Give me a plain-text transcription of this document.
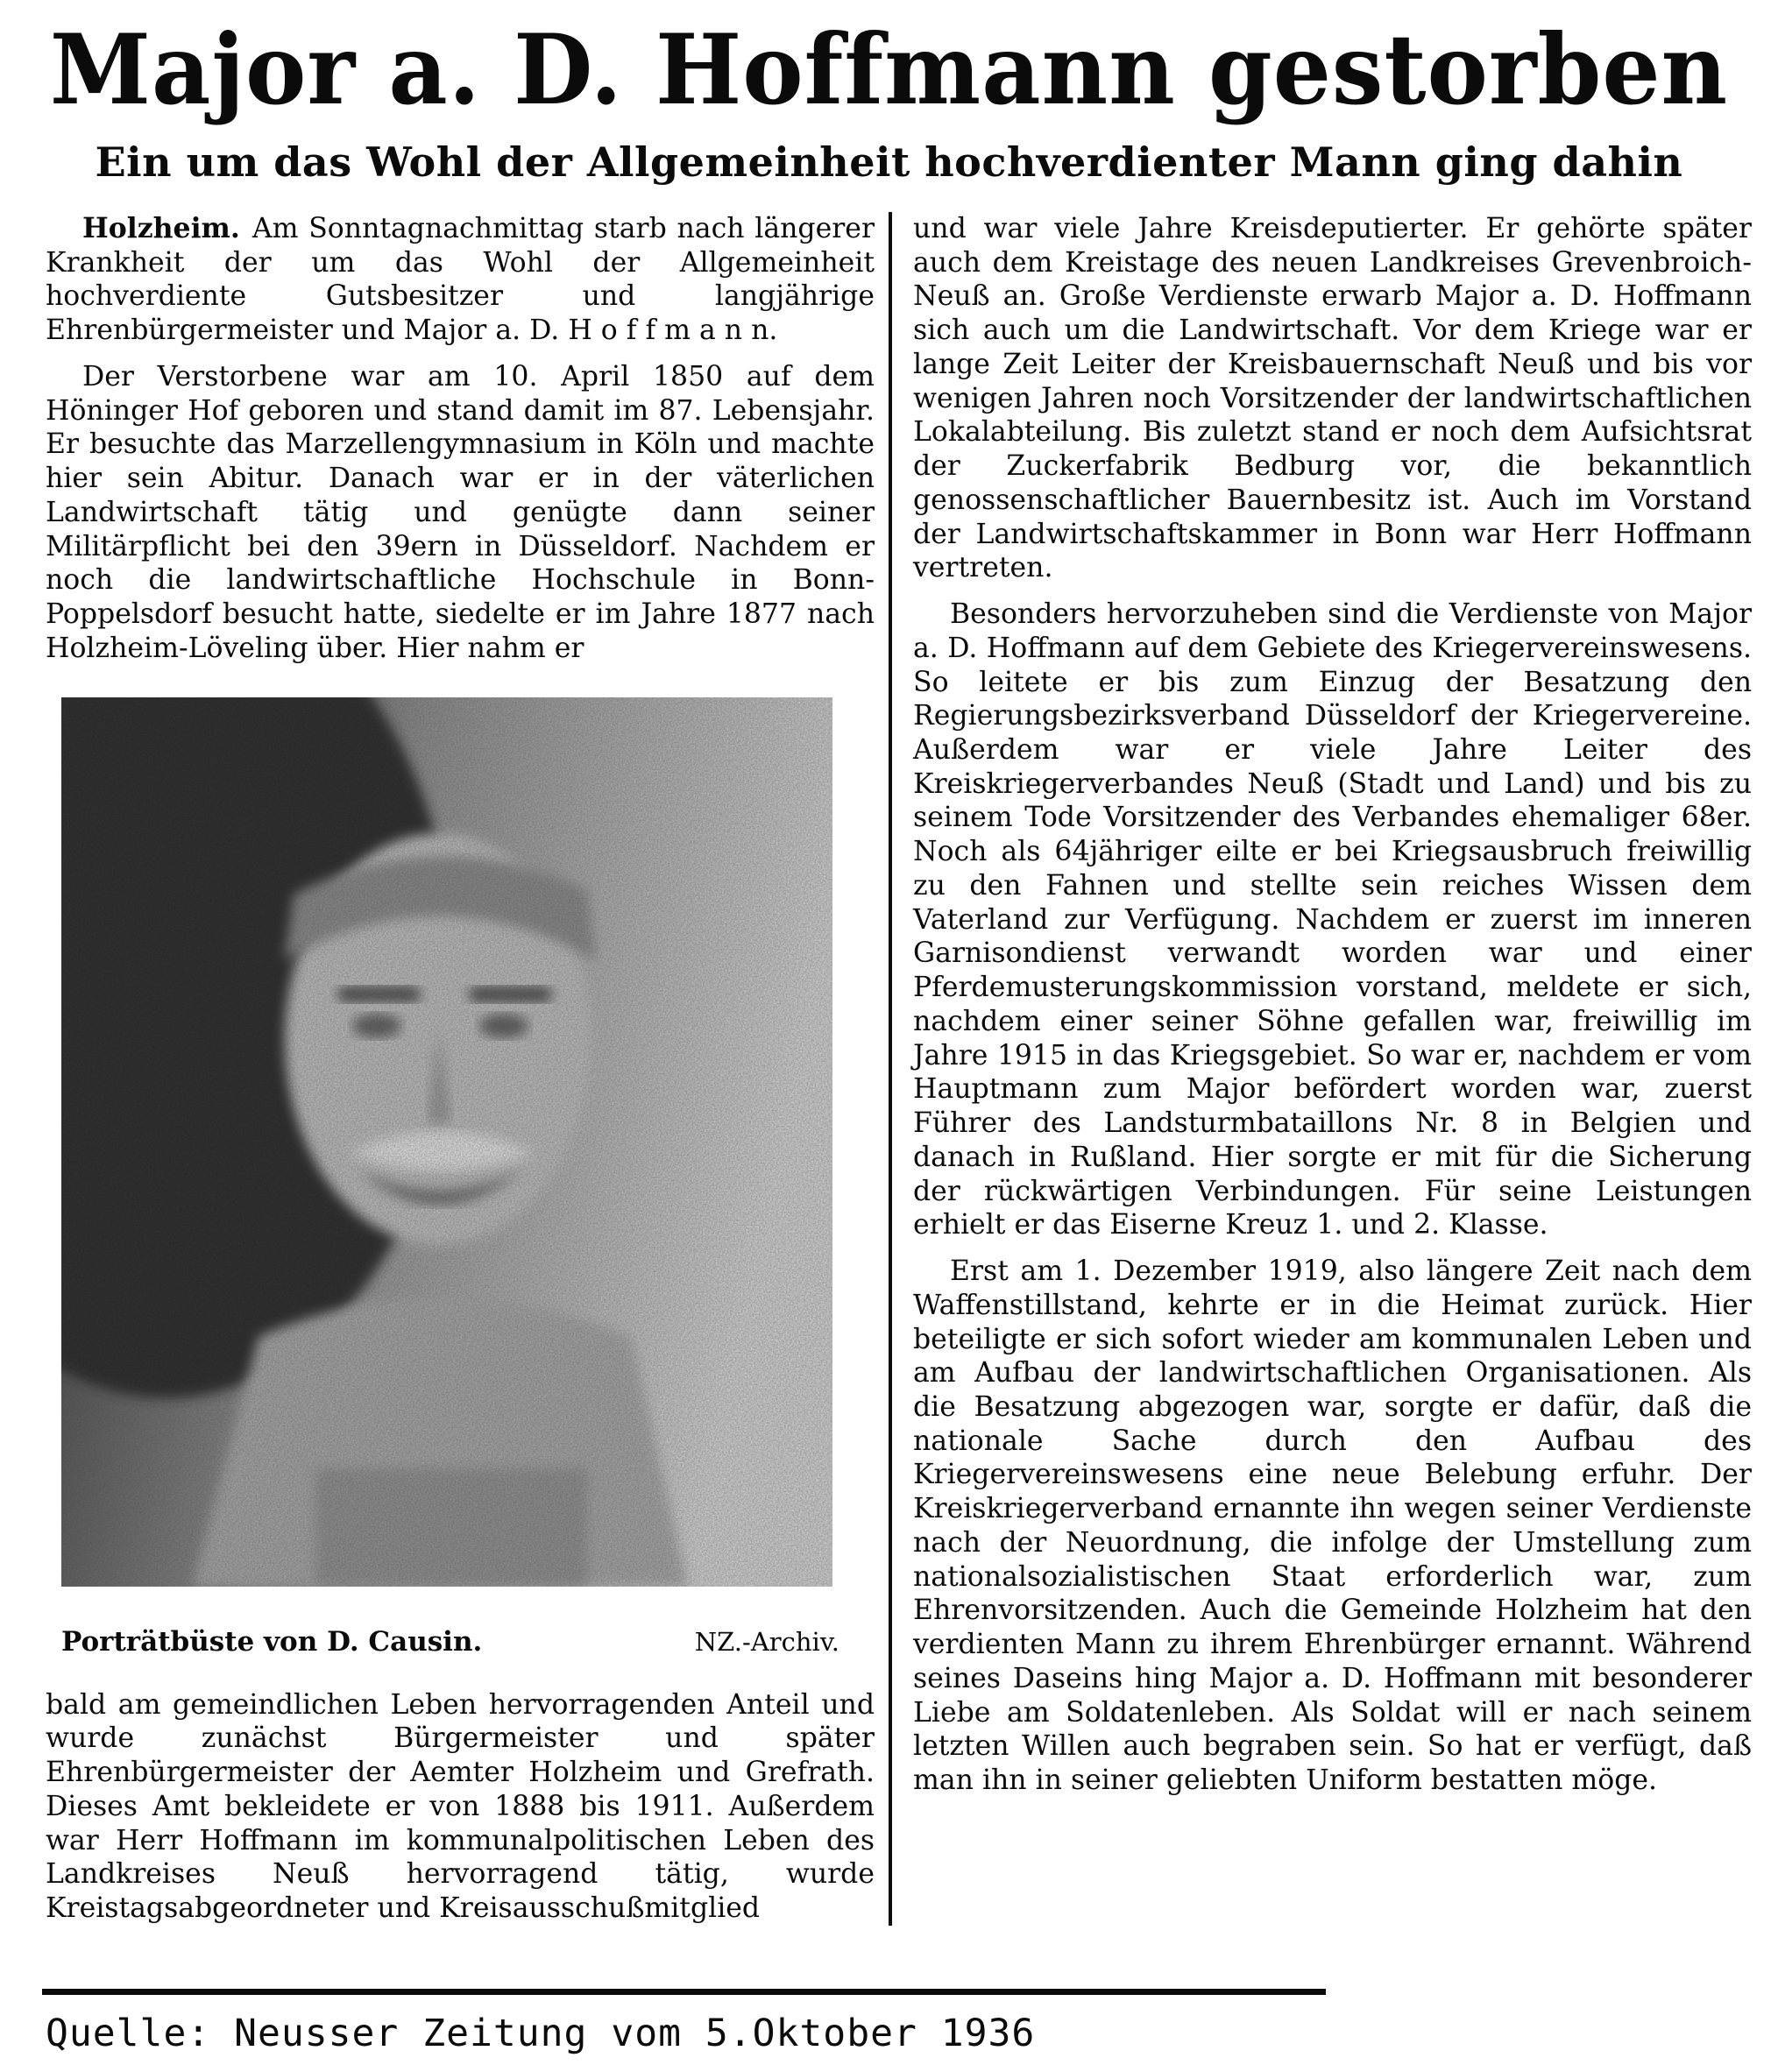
Major a. D. Hoffmann gestorben
Ein um das Wohl der Allgemeinheit hochverdienter Mann ging dahin

Holzheim. Am Sonntagnachmittag starb nach längerer Krankheit der um das Wohl der Allgemeinheit hochverdiente Gutsbesitzer und langjährige Ehrenbürgermeister und Major a. D. H o f f m a n n.

Der Verstorbene war am 10. April 1850 auf dem Höninger Hof geboren und stand damit im 87. Lebensjahr. Er besuchte das Marzellengymnasium in Köln und machte hier sein Abitur. Danach war er in der väterlichen Landwirtschaft tätig und genügte dann seiner Militärpflicht bei den 39ern in Düsseldorf. Nachdem er noch die landwirtschaftliche Hochschule in Bonn-Poppelsdorf besucht hatte, siedelte er im Jahre 1877 nach Holzheim-Löveling über. Hier nahm er

Porträtbüste von D. Causin.	NZ.-Archiv.

bald am gemeindlichen Leben hervorragenden Anteil und wurde zunächst Bürgermeister und später Ehrenbürgermeister der Aemter Holzheim und Grefrath. Dieses Amt bekleidete er von 1888 bis 1911. Außerdem war Herr Hoffmann im kommunalpolitischen Leben des Landkreises Neuß hervorragend tätig, wurde Kreistagsabgeordneter und Kreisausschußmitglied

und war viele Jahre Kreisdeputierter. Er gehörte später auch dem Kreistage des neuen Landkreises Grevenbroich-Neuß an. Große Verdienste erwarb Major a. D. Hoffmann sich auch um die Landwirtschaft. Vor dem Kriege war er lange Zeit Leiter der Kreisbauernschaft Neuß und bis vor wenigen Jahren noch Vorsitzender der landwirtschaftlichen Lokalabteilung. Bis zuletzt stand er noch dem Aufsichtsrat der Zuckerfabrik Bedburg vor, die bekanntlich genossenschaftlicher Bauernbesitz ist. Auch im Vorstand der Landwirtschaftskammer in Bonn war Herr Hoffmann vertreten.

Besonders hervorzuheben sind die Verdienste von Major a. D. Hoffmann auf dem Gebiete des Kriegervereinswesens. So leitete er bis zum Einzug der Besatzung den Regierungsbezirksverband Düsseldorf der Kriegervereine. Außerdem war er viele Jahre Leiter des Kreiskriegerverbandes Neuß (Stadt und Land) und bis zu seinem Tode Vorsitzender des Verbandes ehemaliger 68er. Noch als 64jähriger eilte er bei Kriegsausbruch freiwillig zu den Fahnen und stellte sein reiches Wissen dem Vaterland zur Verfügung. Nachdem er zuerst im inneren Garnisondienst verwandt worden war und einer Pferdemusterungskommission vorstand, meldete er sich, nachdem einer seiner Söhne gefallen war, freiwillig im Jahre 1915 in das Kriegsgebiet. So war er, nachdem er vom Hauptmann zum Major befördert worden war, zuerst Führer des Landsturmbataillons Nr. 8 in Belgien und danach in Rußland. Hier sorgte er mit für die Sicherung der rückwärtigen Verbindungen. Für seine Leistungen erhielt er das Eiserne Kreuz 1. und 2. Klasse.

Erst am 1. Dezember 1919, also längere Zeit nach dem Waffenstillstand, kehrte er in die Heimat zurück. Hier beteiligte er sich sofort wieder am kommunalen Leben und am Aufbau der landwirtschaftlichen Organisationen. Als die Besatzung abgezogen war, sorgte er dafür, daß die nationale Sache durch den Aufbau des Kriegervereinswesens eine neue Belebung erfuhr. Der Kreiskriegerverband ernannte ihn wegen seiner Verdienste nach der Neuordnung, die infolge der Umstellung zum nationalsozialistischen Staat erforderlich war, zum Ehrenvorsitzenden. Auch die Gemeinde Holzheim hat den verdienten Mann zu ihrem Ehrenbürger ernannt. Während seines Daseins hing Major a. D. Hoffmann mit besonderer Liebe am Soldatenleben. Als Soldat will er nach seinem letzten Willen auch begraben sein. So hat er verfügt, daß man ihn in seiner geliebten Uniform bestatten möge.

Quelle: Neusser Zeitung vom 5.Oktober 1936
